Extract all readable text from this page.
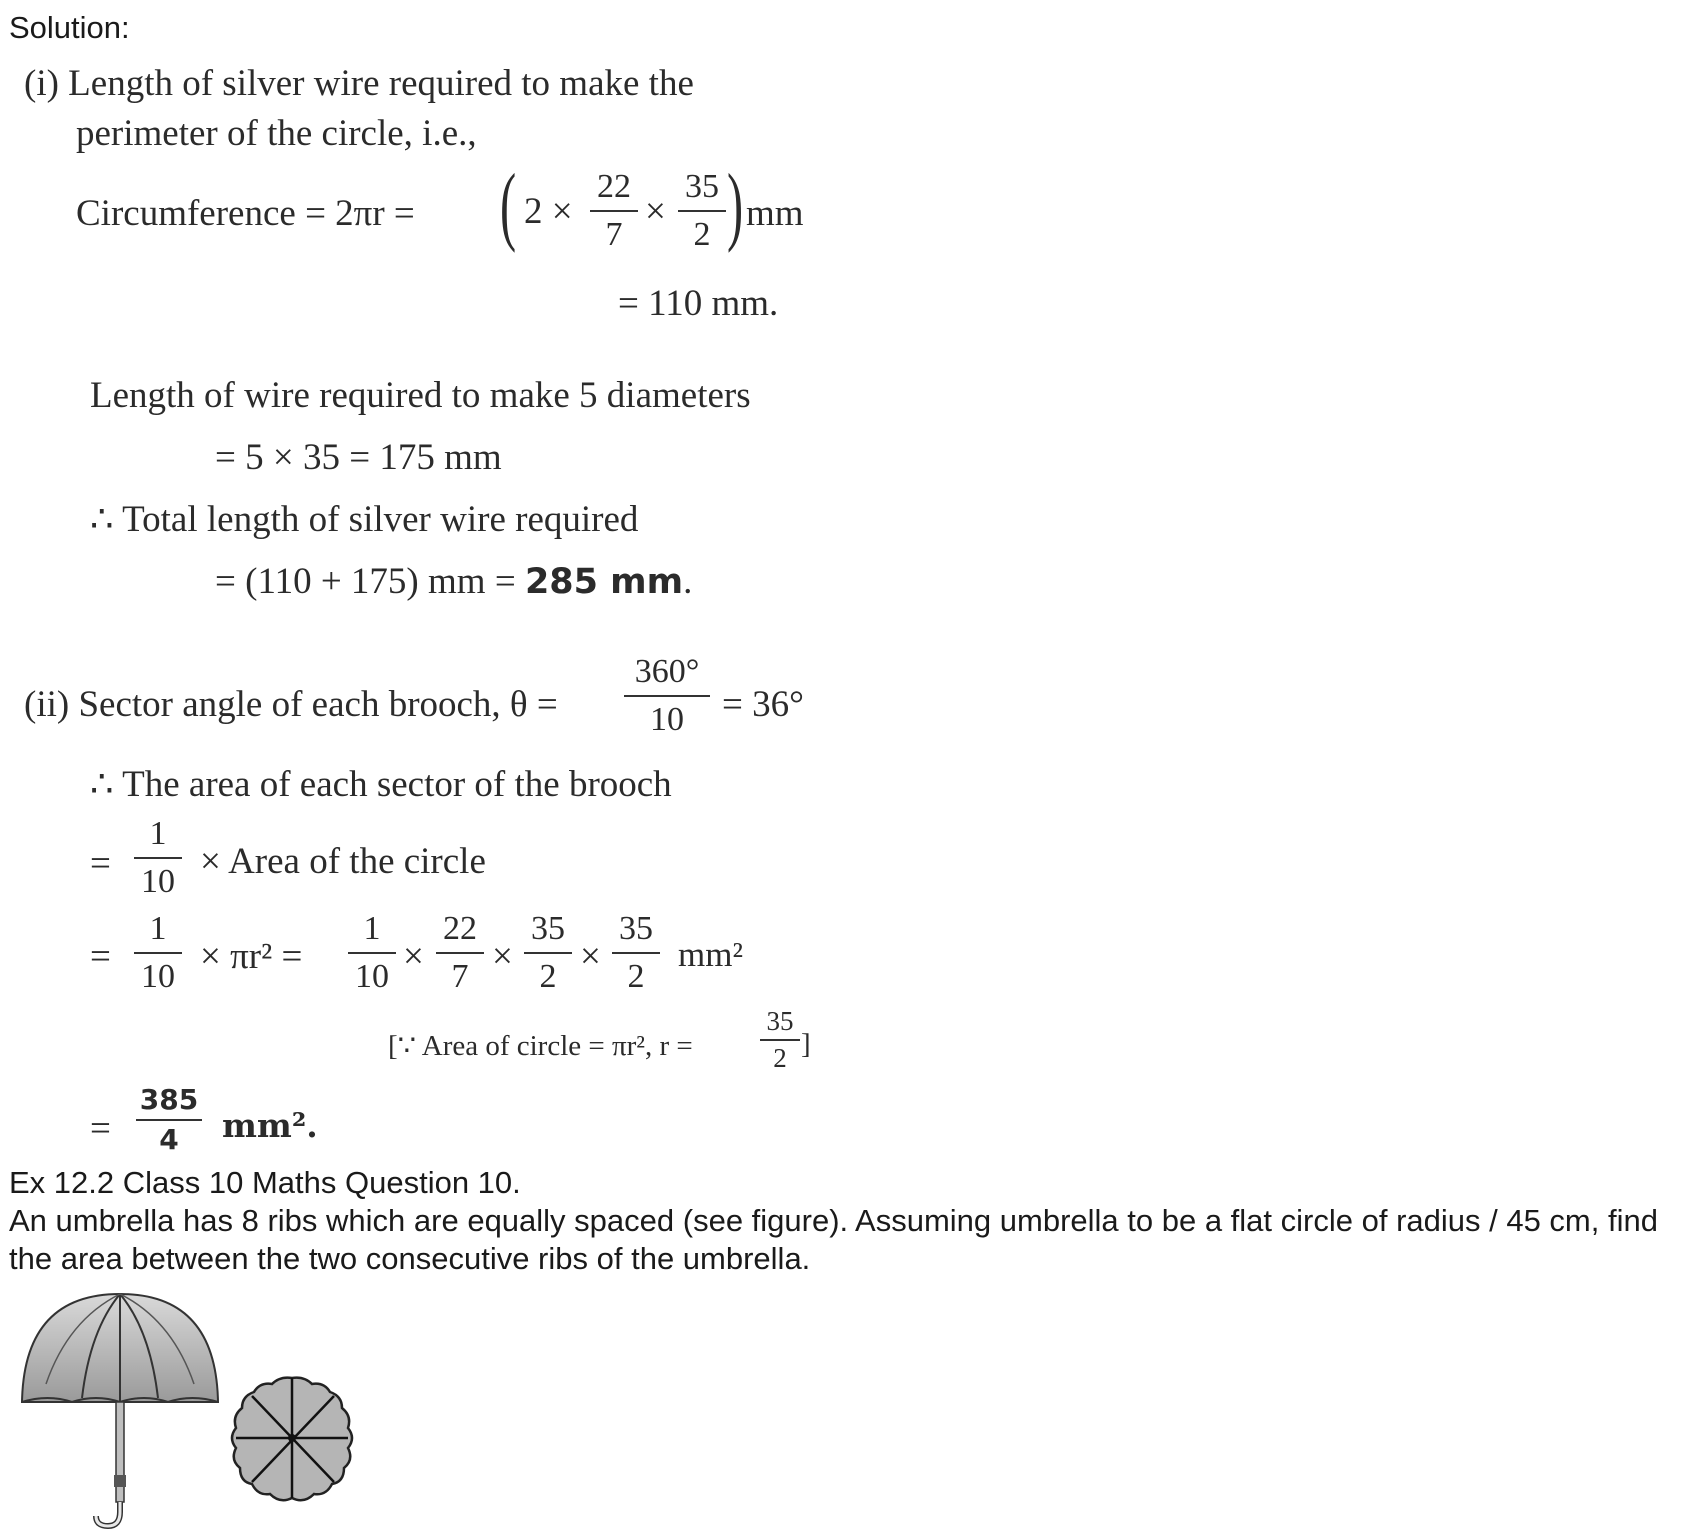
Solution:
(i) Length of silver wire required to make the
perimeter of the circle, i.e.,
Circumference = 2πr = ( 2 ×
22
7
×
35
2 ) mm
= 110 mm.
Length of wire required to make 5 diameters
= 5 × 35 = 175 mm
∴ Total length of silver wire required
= (110 + 175) mm = 285 mm.
(ii) Sector angle of each brooch, θ =
360°
10	= 36°
∴ The area of each sector of the brooch
=
1
10 × Area of the circle
=
1
10 × πr² =
1
10 ×
22
7 ×
35
2 ×
35
2
mm²
[∵ Area of circle = πr², r =
35
2 ]
=
385
4	mm².
Ex 12.2 Class 10 Maths Question 10.
An umbrella has 8 ribs which are equally spaced (see figure). Assuming umbrella to be a flat circle of radius / 45 cm, find the area between the two consecutive ribs of the umbrella.
